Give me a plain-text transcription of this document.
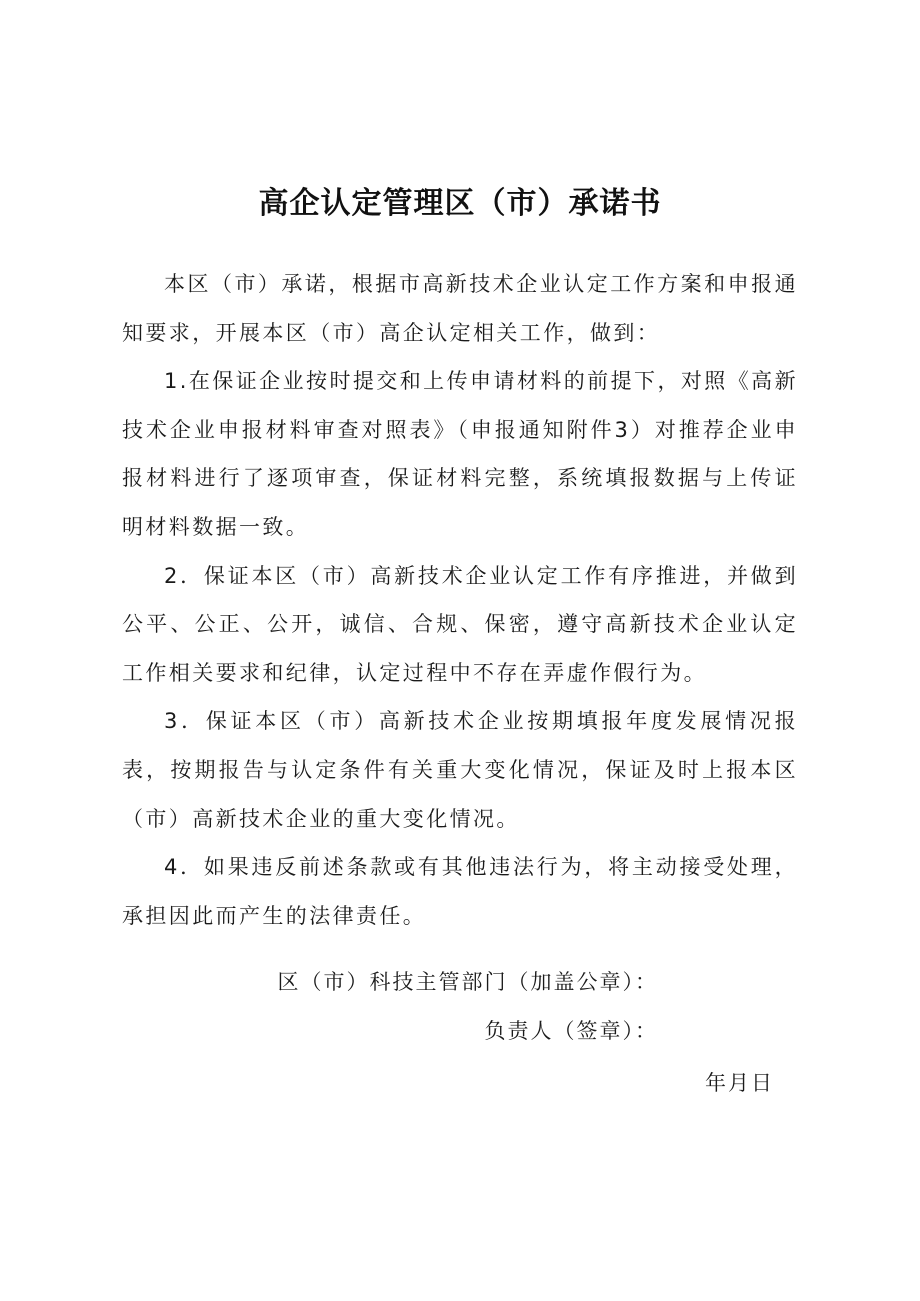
高企认定管理区（市）承诺书

本区（市）承诺，根据市高新技术企业认定工作方案和申报通知要求，开展本区（市）高企认定相关工作，做到：

1.在保证企业按时提交和上传申请材料的前提下，对照《高新技术企业申报材料审查对照表》（申报通知附件3）对推荐企业申报材料进行了逐项审查，保证材料完整，系统填报数据与上传证明材料数据一致。

2．保证本区（市）高新技术企业认定工作有序推进，并做到公平、公正、公开，诚信、合规、保密，遵守高新技术企业认定工作相关要求和纪律，认定过程中不存在弄虚作假行为。

3．保证本区（市）高新技术企业按期填报年度发展情况报表，按期报告与认定条件有关重大变化情况，保证及时上报本区（市）高新技术企业的重大变化情况。

4．如果违反前述条款或有其他违法行为，将主动接受处理，承担因此而产生的法律责任。

区（市）科技主管部门（加盖公章）：
负责人（签章）：
年月日
